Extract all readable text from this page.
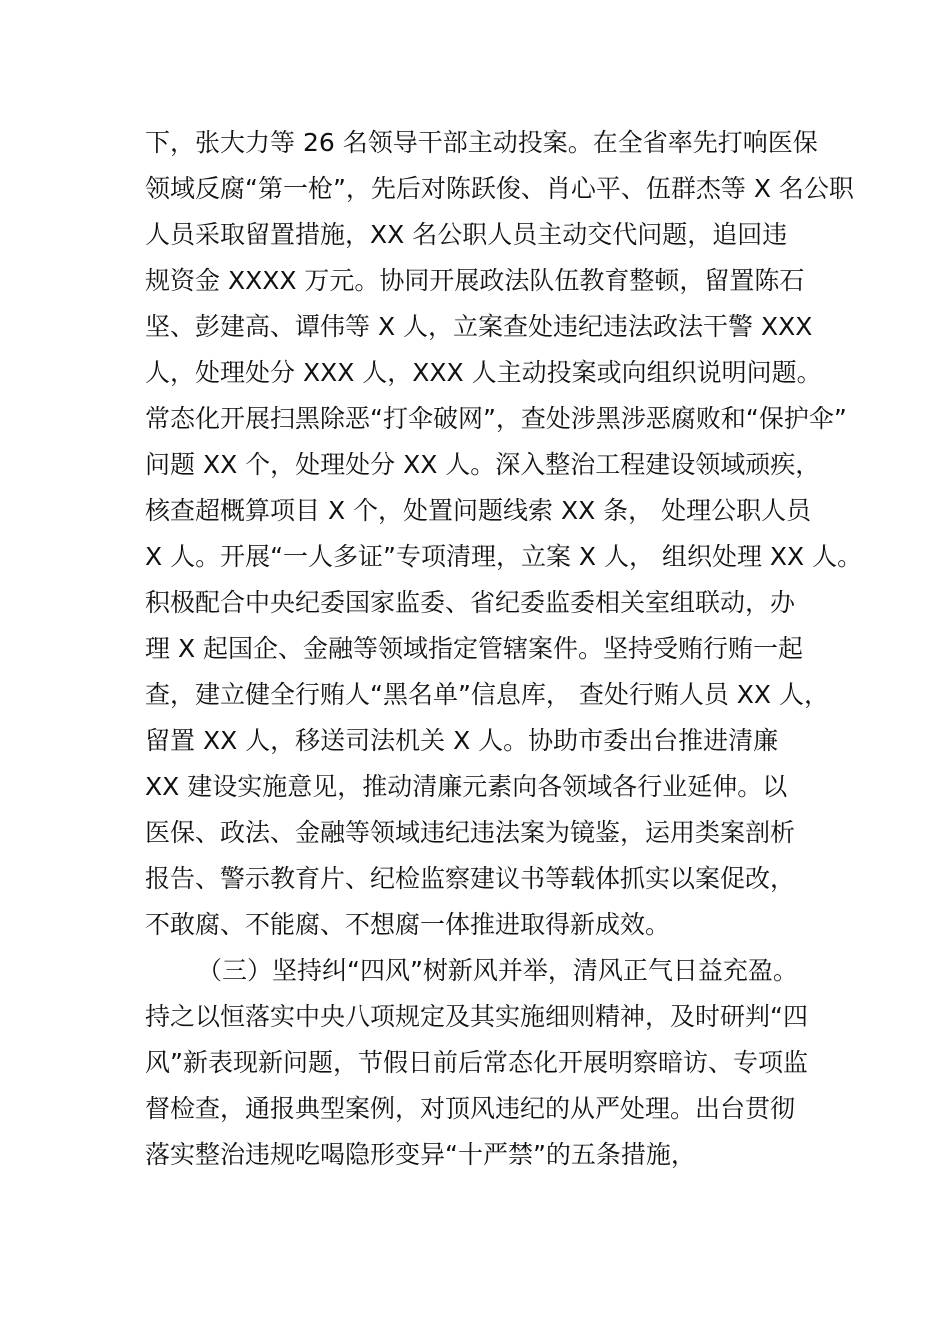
下，张大力等 26 名领导干部主动投案。在全省率先打响医保
领域反腐“第一枪”，先后对陈跃俊、肖心平、伍群杰等 X 名公职
人员采取留置措施，XX 名公职人员主动交代问题，追回违
规资金 XXXX 万元。协同开展政法队伍教育整顿，留置陈石
坚、彭建高、谭伟等 X 人，立案查处违纪违法政法干警 XXX
人，处理处分 XXX 人，XXX 人主动投案或向组织说明问题。
常态化开展扫黑除恶“打伞破网”，查处涉黑涉恶腐败和“保护伞”
问题 XX 个，处理处分 XX 人。深入整治工程建设领域顽疾，
核查超概算项目 X 个，处置问题线索 XX 条， 处理公职人员
X 人。开展“一人多证”专项清理，立案 X 人， 组织处理 XX 人。
积极配合中央纪委国家监委、省纪委监委相关室组联动，办
理 X 起国企、金融等领域指定管辖案件。坚持受贿行贿一起
查，建立健全行贿人“黑名单”信息库， 查处行贿人员 XX 人，
留置 XX 人，移送司法机关 X 人。协助市委出台推进清廉
XX 建设实施意见，推动清廉元素向各领域各行业延伸。以
医保、政法、金融等领域违纪违法案为镜鉴，运用类案剖析
报告、警示教育片、纪检监察建议书等载体抓实以案促改，
不敢腐、不能腐、不想腐一体推进取得新成效。
（三）坚持纠“四风”树新风并举，清风正气日益充盈。
持之以恒落实中央八项规定及其实施细则精神，及时研判“四
风”新表现新问题，节假日前后常态化开展明察暗访、专项监
督检查，通报典型案例，对顶风违纪的从严处理。出台贯彻
落实整治违规吃喝隐形变异“十严禁”的五条措施，
